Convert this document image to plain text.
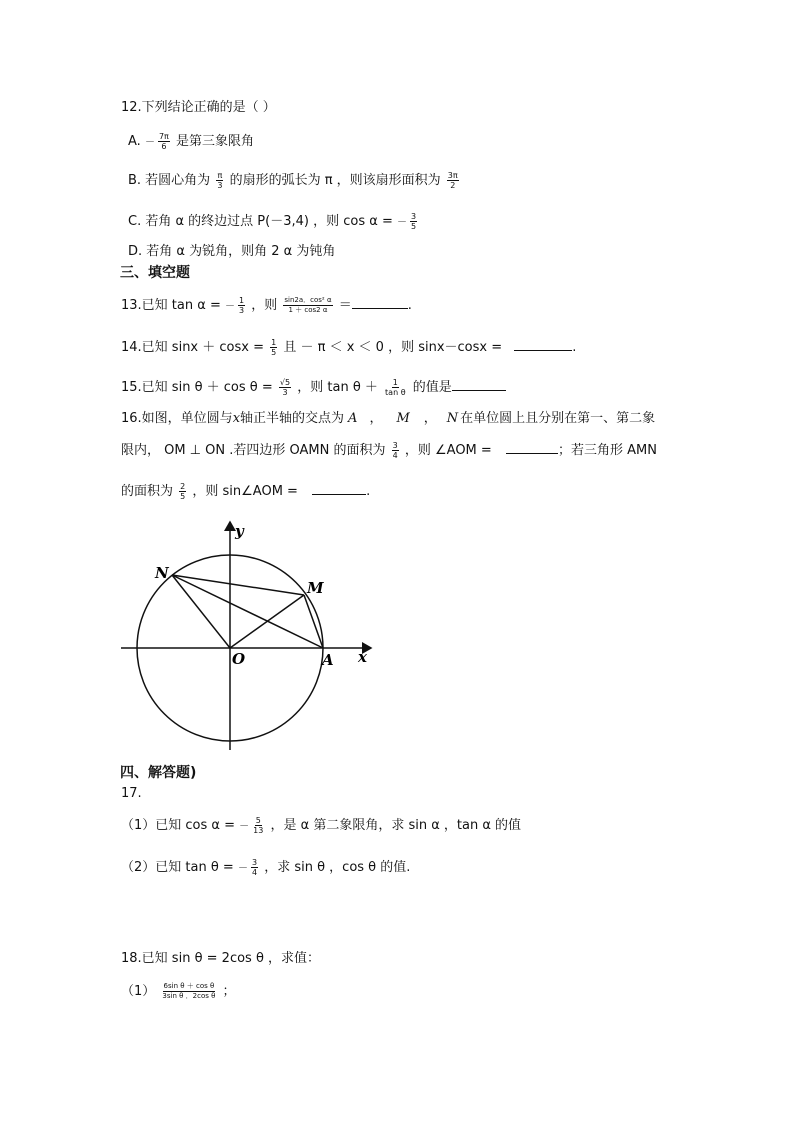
12.下列结论正确的是（ ）
A. － $\frac{7\pi}{6}$ 是第三象限角
B. 若圆心角为 $\frac{\pi}{3}$ 的扇形的弧长为 π ，则该扇形面积为 $\frac{3\pi}{2}$
C. 若角 α 的终边过点 P(－3,4) ，则 cos α = － $\frac{3}{5}$
D. 若角 α 为锐角，则角 2 α 为钝角
三、填空题
13.已知 tan α = － $\frac{1}{3}$ ，则 $\frac{\text{sin2a．cos² α}}{1 + \cos 2 \alpha}$ ＝	.
14.已知 $\sin x + \cos x = \frac{1}{5}$ 且 － π ＜ x ＜ 0 ，则 sinx－cosx =	.
15.已知 $\sin \theta + \cos \theta = \frac{√5}{3}$ ，则 $\tan \theta + \frac{1}{\text{tan θ}}$ 的值是
16.如图，单位圆与x轴正半轴的交点为 A ， M ， N 在单位圆上且分别在第一、第二象
限内， OM ⊥ ON .若四边形 OAMN 的面积为 $\frac{3}{4}$ ，则 ∠AOM =	；若三角形 AMN
的面积为 $\frac{2}{5}$ ，则 sin∠AOM =	.
y
x
N
M
O	A
四、解答题)
17.
（1）已知 cos α = － $\frac{5}{13}$ ，是 α 第二象限角，求 sin α ，tan α 的值
（2）已知 tan θ = － $\frac{3}{4}$ ，求 sin θ ，cos θ 的值.
18.已知 sin θ = 2cos θ ，求值：
$(1) \frac{\text{6sin θ ＋ cos θ}}{\text{3sin θ ．2cos θ}}$ ；
